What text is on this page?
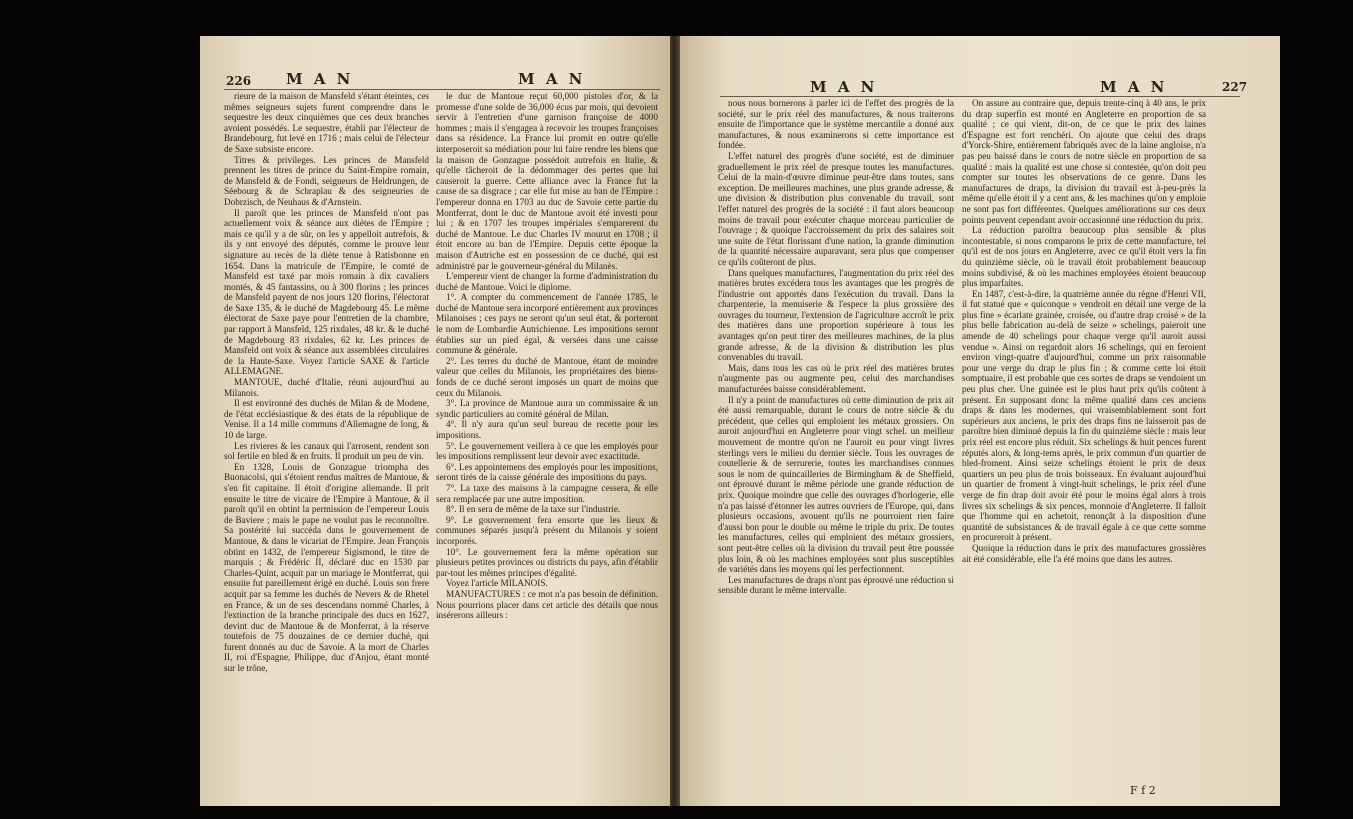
226 M A N	M A N

rieure de la maison de Mansfeld s'étant éteintes, ces mêmes seigneurs sujets furent comprendre dans le sequestre les deux cinquièmes que ces deux branches avoient possédés. Le sequestre, établi par l'électeur de Brandebourg, fut levé en 1716 ; mais celui de l'électeur de Saxe subsiste encore.

Titres & privileges. Les princes de Mansfeld prennent les titres de prince du Saint-Empire romain, de Mansfeld & de Fondi, seigneurs de Heldrungen, de Séebourg & de Schraplau & des seigneuries de Dobrzisch, de Neuhaus & d'Arnstein.

Il paroît que les princes de Mansfeld n'ont pas actuellement voix & séance aux diètes de l'Empire ; mais ce qu'il y a de sûr, on les y appelloit autrefois, & ils y ont envoyé des députés, comme le prouve leur signature au recès de la diète tenue à Ratisbonne en 1654. Dans la matricule de l'Empire, le comté de Mansfeld est taxé par mois romain à dix cavaliers montés, & 45 fantassins, ou à 300 florins ; les princes de Mansfeld payent de nos jours 120 florins, l'électorat de Saxe 135, & le duché de Magdebourg 45. Le même électorat de Saxe paye pour l'entretien de la chambre, par rapport à Mansfeld, 125 rixdales, 48 kr. & le duché de Magdebourg 83 rixdales, 62 kr. Les princes de Mansfeld ont voix & séance aux assemblées circulaires de la Haute-Saxe. Voyez l'article SAXE & l'article ALLEMAGNE.

MANTOUE, duché d'Italie, réuni aujourd'hui au Milanois.

Il est environné des duchés de Milan & de Modene, de l'état ecclésiastique & des états de la république de Venise. Il a 14 mille communs d'Allemagne de long, & 10 de large.

Les rivieres & les canaux qui l'arrosent, rendent son sol fertile en bled & en fruits. Il produit un peu de vin.

En 1328, Louis de Gonzague triompha des Buonacolsi, qui s'étoient rendus maîtres de Mantoue, & s'en fit capitaine. Il étoit d'origine allemande. Il prit ensuite le titre de vicaire de l'Empire à Mantoue, & il paroît qu'il en obtint la permission de l'empereur Louis de Baviere ; mais le pape ne voulut pas le reconnoître. Sa postérité lui succéda dans le gouvernement de Mantoue, & dans le vicariat de l'Empire. Jean François obtint en 1432, de l'empereur Sigismond, le titre de marquis ; & Frédéric II, déclaré duc en 1530 par Charles-Quint, acquit par un mariage le Montferrat, qui ensuite fut pareillement érigé en duché. Louis son frere acquit par sa femme les duchés de Nevers & de Rhetel en France, & un de ses descendans nommé Charles, à l'extinction de la branche principale des ducs en 1627, devint duc de Mantoue & de Monferrat, à la réserve toutefois de 75 douzaines de ce dernier duché, qui furent donnés au duc de Savoie. A la mort de Charles II, roi d'Espagne, Philippe, duc d'Anjou, étant monté sur le trône,

le duc de Mantoue reçut 60,000 pistoles d'or, & la promesse d'une solde de 36,000 écus par mois, qui devoient servir à l'entretien d'une garnison françoise de 4000 hommes ; mais il s'engagea à recevoir les troupes françoises dans sa résidence. La France lui promit en outre qu'elle interposeroit sa médiation pour lui faire rendre les biens que la maison de Gonzague possédoit autrefois en Italie, & qu'elle tâcheroit de la dédommager des pertes que lui causeroit la guerre. Cette alliance avec la France fut la cause de sa disgrace ; car elle fut mise au ban de l'Empire : l'empereur donna en 1703 au duc de Savoie cette partie du Montferrat, dont le duc de Mantoue avoit été investi pour lui ; & en 1707 les troupes impériales s'emparerent du duché de Mantoue. Le duc Charles IV mourut en 1708 ; il étoit encore au ban de l'Empire. Depuis cette époque la maison d'Autriche est en possession de ce duché, qui est administré par le gouverneur-général du Milanès.

L'empereur vient de changer la forme d'administration du duché de Mantoue. Voici le diplome.

1°. A compter du commencement de l'année 1785, le duché de Mantoue sera incorporé entièrement aux provinces Milanoises ; ces pays ne seront qu'un seul état, & porteront le nom de Lombardie Autrichienne. Les impositions seront établies sur un pied égal, & versées dans une caisse commune & générale.

2°. Les terres du duché de Mantoue, étant de moindre valeur que celles du Milanois, les propriétaires des biens-fonds de ce duché seront imposés un quart de moins que ceux du Milanois.

3°. La province de Mantoue aura un commissaire & un syndic particuliers au comité général de Milan.

4°. Il n'y aura qu'un seul bureau de recette pour les impositions.

5°. Le gouvernement veillera à ce que les employés pour les impositions remplissent leur devoir avec exactitude.

6°. Les appointemens des employés pour les impositions, seront tirés de la caisse générale des impositions du pays.

7°. La taxe des maisons à la campagne cessera, & elle sera remplacée par une autre imposition.

8°. Il en sera de même de la taxe sur l'industrie.

9°. Le gouvernement fera ensorte que les lieux & communes séparés jusqu'à présent du Milanois y soient incorporés.

10°. Le gouvernement fera la même opération sur plusieurs petites provinces ou districts du pays, afin d'établir par-tout les mêmes principes d'égalité.

Voyez l'article MILANOIS.

MANUFACTURES : ce mot n'a pas besoin de définition. Nous pourrions placer dans cet article des détails que nous insérerons ailleurs :

M A N	M A N	227

nous nous bornerons à parler ici de l'effet des progrès de la société, sur le prix réel des manufactures, & nous traiterons ensuite de l'importance que le système mercantile a donné aux manufactures, & nous examinerons si cette importance est fondée.

L'effet naturel des progrès d'une société, est de diminuer graduellement le prix réel de presque toutes les manufactures. Celui de la main-d'œuvre diminue peut-être dans toutes, sans exception. De meilleures machines, une plus grande adresse, & une division & distribution plus convenable du travail, sont l'effet naturel des progrès de la société : il faut alors beaucoup moins de travail pour exécuter chaque morceau particulier de l'ouvrage ; & quoique l'accroissement du prix des salaires soit une suite de l'état florissant d'une nation, la grande diminution de la quantité nécessaire auparavant, sera plus que compenser ce qu'ils coûteront de plus.

Dans quelques manufactures, l'augmentation du prix réel des matières brutes excédera tous les avantages que les progrès de l'industrie ont apportés dans l'exécution du travail. Dans la charpenterie, la menuiserie & l'espece la plus grossière des ouvrages du tourneur, l'extension de l'agriculture accroît le prix des matières dans une proportion supérieure à tous les avantages qu'on peut tirer des meilleures machines, de la plus grande adresse, & de la division & distribution les plus convenables du travail.

Mais, dans tous les cas où le prix réel des matières brutes n'augmente pas ou augmente peu, celui des marchandises manufacturées baisse considérablement.

Il n'y a point de manufactures où cette diminution de prix ait été aussi remarquable, durant le cours de notre siècle & du précédent, que celles qui emploient les métaux grossiers. On auroit aujourd'hui en Angleterre pour vingt schel. un meilleur mouvement de montre qu'on ne l'auroit eu pour vingt livres sterlings vers le milieu du dernier siècle. Tous les ouvrages de coutellerie & de serrurerie, toutes les marchandises connues sous le nom de quincailleries de Birmingham & de Sheffield, ont éprouvé durant le même période une grande réduction de prix. Quoique moindre que celle des ouvrages d'horlogerie, elle n'a pas laissé d'étonner les autres ouvriers de l'Europe, qui, dans plusieurs occasions, avouent qu'ils ne pourroient rien faire d'aussi bon pour le double ou même le triple du prix. De toutes les manufactures, celles qui emploient des métaux grossiers, sont peut-être celles où la division du travail peut être poussée plus loin, & où les machines employées sont plus susceptibles de variétés dans les moyens qui les perfectionnent.

Les manufactures de draps n'ont pas éprouvé une réduction si sensible durant le même intervalle.

On assure au contraire que, depuis trente-cinq à 40 ans, le prix du drap superfin est monté en Angleterre en proportion de sa qualité ; ce qui vient, dit-on, de ce que le prix des laines d'Espagne est fort renchéri. On ajoute que celui des draps d'Yorck-Shire, entièrement fabriqués avec de la laine angloise, n'a pas peu baissé dans le cours de notre siècle en proportion de sa qualité : mais la qualité est une chose si contestée, qu'on doit peu compter sur toutes les observations de ce genre. Dans les manufactures de draps, la division du travail est à-peu-près la même qu'elle étoit il y a cent ans, & les machines qu'on y emploie ne sont pas fort différentes. Quelques améliorations sur ces deux points peuvent cependant avoir occasionné une réduction du prix.

La réduction paroîtra beaucoup plus sensible & plus incontestable, si nous comparons le prix de cette manufacture, tel qu'il est de nos jours en Angleterre, avec ce qu'il étoit vers la fin du quinzième siècle, où le travail étoit probablement beaucoup moins subdivisé, & où les machines employées étoient beaucoup plus imparfaites.

En 1487, c'est-à-dire, la quatrième année du règne d'Henri VII, il fut statué que « quiconque » vendroit en détail une verge de la plus fine » écarlate grainée, croisée, ou d'autre drap croisé » de la plus belle fabrication au-delà de seize » schelings, paieroit une amende de 40 schelings pour chaque verge qu'il auroit aussi vendue ». Ainsi on regardoit alors 16 schelings, qui en feroient environ vingt-quatre d'aujourd'hui, comme un prix raisonnable pour une verge du drap le plus fin ; & comme cette loi étoit somptuaire, il est probable que ces sortes de draps se vendoient un peu plus cher. Une guinée est le plus haut prix qu'ils coûtent à présent. En supposant donc la même qualité dans ces anciens draps & dans les modernes, qui vraisemblablement sont fort supérieurs aux anciens, le prix des draps fins ne laisseroit pas de paroître bien diminué depuis la fin du quinzième siècle : mais leur prix réel est encore plus réduit. Six schelings & huit pences furent réputés alors, & long-tems après, le prix commun d'un quartier de bled-froment. Ainsi seize schelings étoient le prix de deux quartiers un peu plus de trois boisseaux. En évaluant aujourd'hui un quartier de froment à vingt-huit schelings, le prix réel d'une verge de fin drap doit avoir été pour le moins égal alors à trois livres six schelings & six pences, monnoie d'Angleterre. Il falloit que l'homme qui en achetoit, renonçât à la disposition d'une quantité de subsistances & de travail égale à ce que cette somme en procureroit à présent.

Quoique la réduction dans le prix des manufactures grossières ait été considérable, elle l'a été moins que dans les autres.

F f 2
